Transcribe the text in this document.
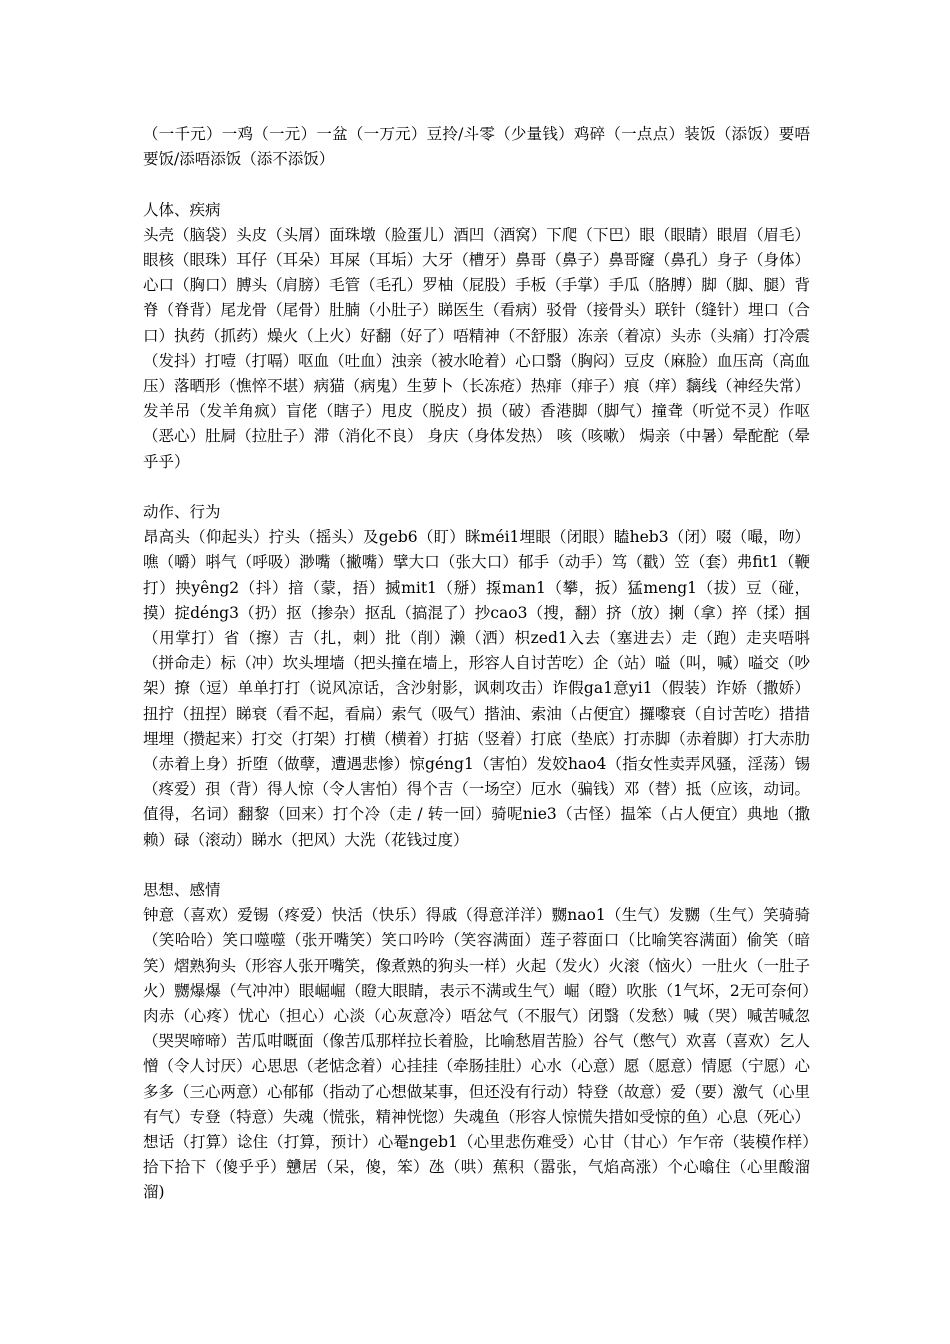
（一千元）一鸡（一元）一盆（一万元）豆拎/斗零（少量钱）鸡碎（一点点）装饭（添饭）要唔要饭/添唔添饭（添不添饭）

人体、疾病

头壳（脑袋）头皮（头屑）面珠墩（脸蛋儿）酒凹（酒窝）下爬（下巴）眼（眼睛）眼眉（眉毛）眼核（眼珠）耳仔（耳朵）耳屎（耳垢）大牙（槽牙）鼻哥（鼻子）鼻哥窿（鼻孔）身子（身体）心口（胸口）膊头（肩膀）毛管（毛孔）罗柚（屁股）手板（手掌）手瓜（胳膊）脚（脚、腿）背脊（脊背）尾龙骨（尾骨）肚腩（小肚子）睇医生（看病）驳骨（接骨头）联针（缝针）埋口（合口）执药（抓药）燥火（上火）好翻（好了）唔精神（不舒服）冻亲（着凉）头赤（头痛）打冷震（发抖）打噎（打嗝）呕血（吐血）浊亲（被水呛着）心口翳（胸闷）豆皮（麻脸）血压高（高血压）落晒形（憔悴不堪）病猫（病鬼）生萝卜（长冻疮）热痱（痱子）痕（痒）黐线（神经失常）发羊吊（发羊角疯）盲佬（瞎子）甩皮（脱皮）损（破）香港脚（脚气）撞聋（听觉不灵）作呕（恶心）肚屙（拉肚子）滞（消化不良） 身庆（身体发热） 咳（咳嗽） 焗亲（中暑）晕酡酡（晕乎乎）

动作、行为

昂高头（仰起头）拧头（摇头）及geb6（盯）眯méi1埋眼（闭眼）瞌heb3（闭）啜（嘬，吻）噍（嚼）唞气（呼吸）渺嘴（撇嘴）擘大口（张大口）郁手（动手）笃（戳）笠（套）弗fit1（鞭打）抰yêng2（抖）揞（蒙，捂）搣mit1（掰）揼man1（攀，扳）猛meng1（拔）豆（碰，摸）掟déng3（扔）抠（掺杂）抠乱（搞混了）抄cao3（搜，翻）挤（放）揦（拿）捽（揉）掴（用掌打）省（擦）吉（扎，刺）批（削）濑（洒）枳zed1入去（塞进去）走（跑）走夹唔唞（拼命走）标（冲）坎头埋墙（把头撞在墙上，形容人自讨苦吃）企（站）嗌（叫，喊）嗌交（吵架）撩（逗）单单打打（说风凉话，含沙射影，讽刺攻击）诈假ga1意yi1（假装）诈娇（撒娇）扭拧（扭捏）睇衰（看不起，看扁）索气（吸气）揩油、索油（占便宜）攞嚟衰（自讨苦吃）措措埋埋（攒起来）打交（打架）打横（横着）打掂（竖着）打底（垫底）打赤脚（赤着脚）打大赤肋（赤着上身）折堕（做孽，遭遇悲惨）惊géng1（害怕）发姣hao4（指女性卖弄风骚，淫荡）锡（疼爱）孭（背）得人惊（令人害怕）得个吉（一场空）厄水（骗钱）邓（替）抵（应该，动词。值得，名词）翻黎（回来）打个冷（走 / 转一回）骑呢nie3（古怪）揾笨（占人便宜）典地（撒赖）碌（滚动）睇水（把风）大洗（花钱过度）

思想、感情

钟意（喜欢）爱锡（疼爱）快活（快乐）得戚（得意洋洋）嬲nao1（生气）发嬲（生气）笑骑骑（笑哈哈）笑口噬噬（张开嘴笑）笑口吟吟（笑容满面）莲子蓉面口（比喻笑容满面）偷笑（暗笑）熠熟狗头（形容人张开嘴笑，像煮熟的狗头一样）火起（发火）火滚（恼火）一肚火（一肚子火）嬲爆爆（气冲冲）眼崛崛（瞪大眼睛，表示不满或生气）崛（瞪）吹胀（1气坏，2无可奈何）肉赤（心疼）忧心（担心）心淡（心灰意冷）唔忿气（不服气）闭翳（发愁）喊（哭）喊苦喊忽（哭哭啼啼）苦瓜咁嘅面（像苦瓜那样拉长着脸，比喻愁眉苦脸）谷气（憋气）欢喜（喜欢）乞人憎（令人讨厌）心思思（老惦念着）心挂挂（牵肠挂肚）心水（心意）愿（愿意）情愿（宁愿）心多多（三心两意）心郁郁（指动了心想做某事，但还没有行动）特登（故意）爱（要）激气（心里有气）专登（特意）失魂（慌张，精神恍惚）失魂鱼（形容人惊慌失措如受惊的鱼）心息（死心）想话（打算）谂住（打算，预计）心罨ngeb1（心里悲伤难受）心甘（甘心）乍乍帝（装模作样）拾下拾下（傻乎乎）戇居（呆，傻，笨）氹（哄）蕉积（嚣张，气焰高涨）个心噏住（心里酸溜溜)
